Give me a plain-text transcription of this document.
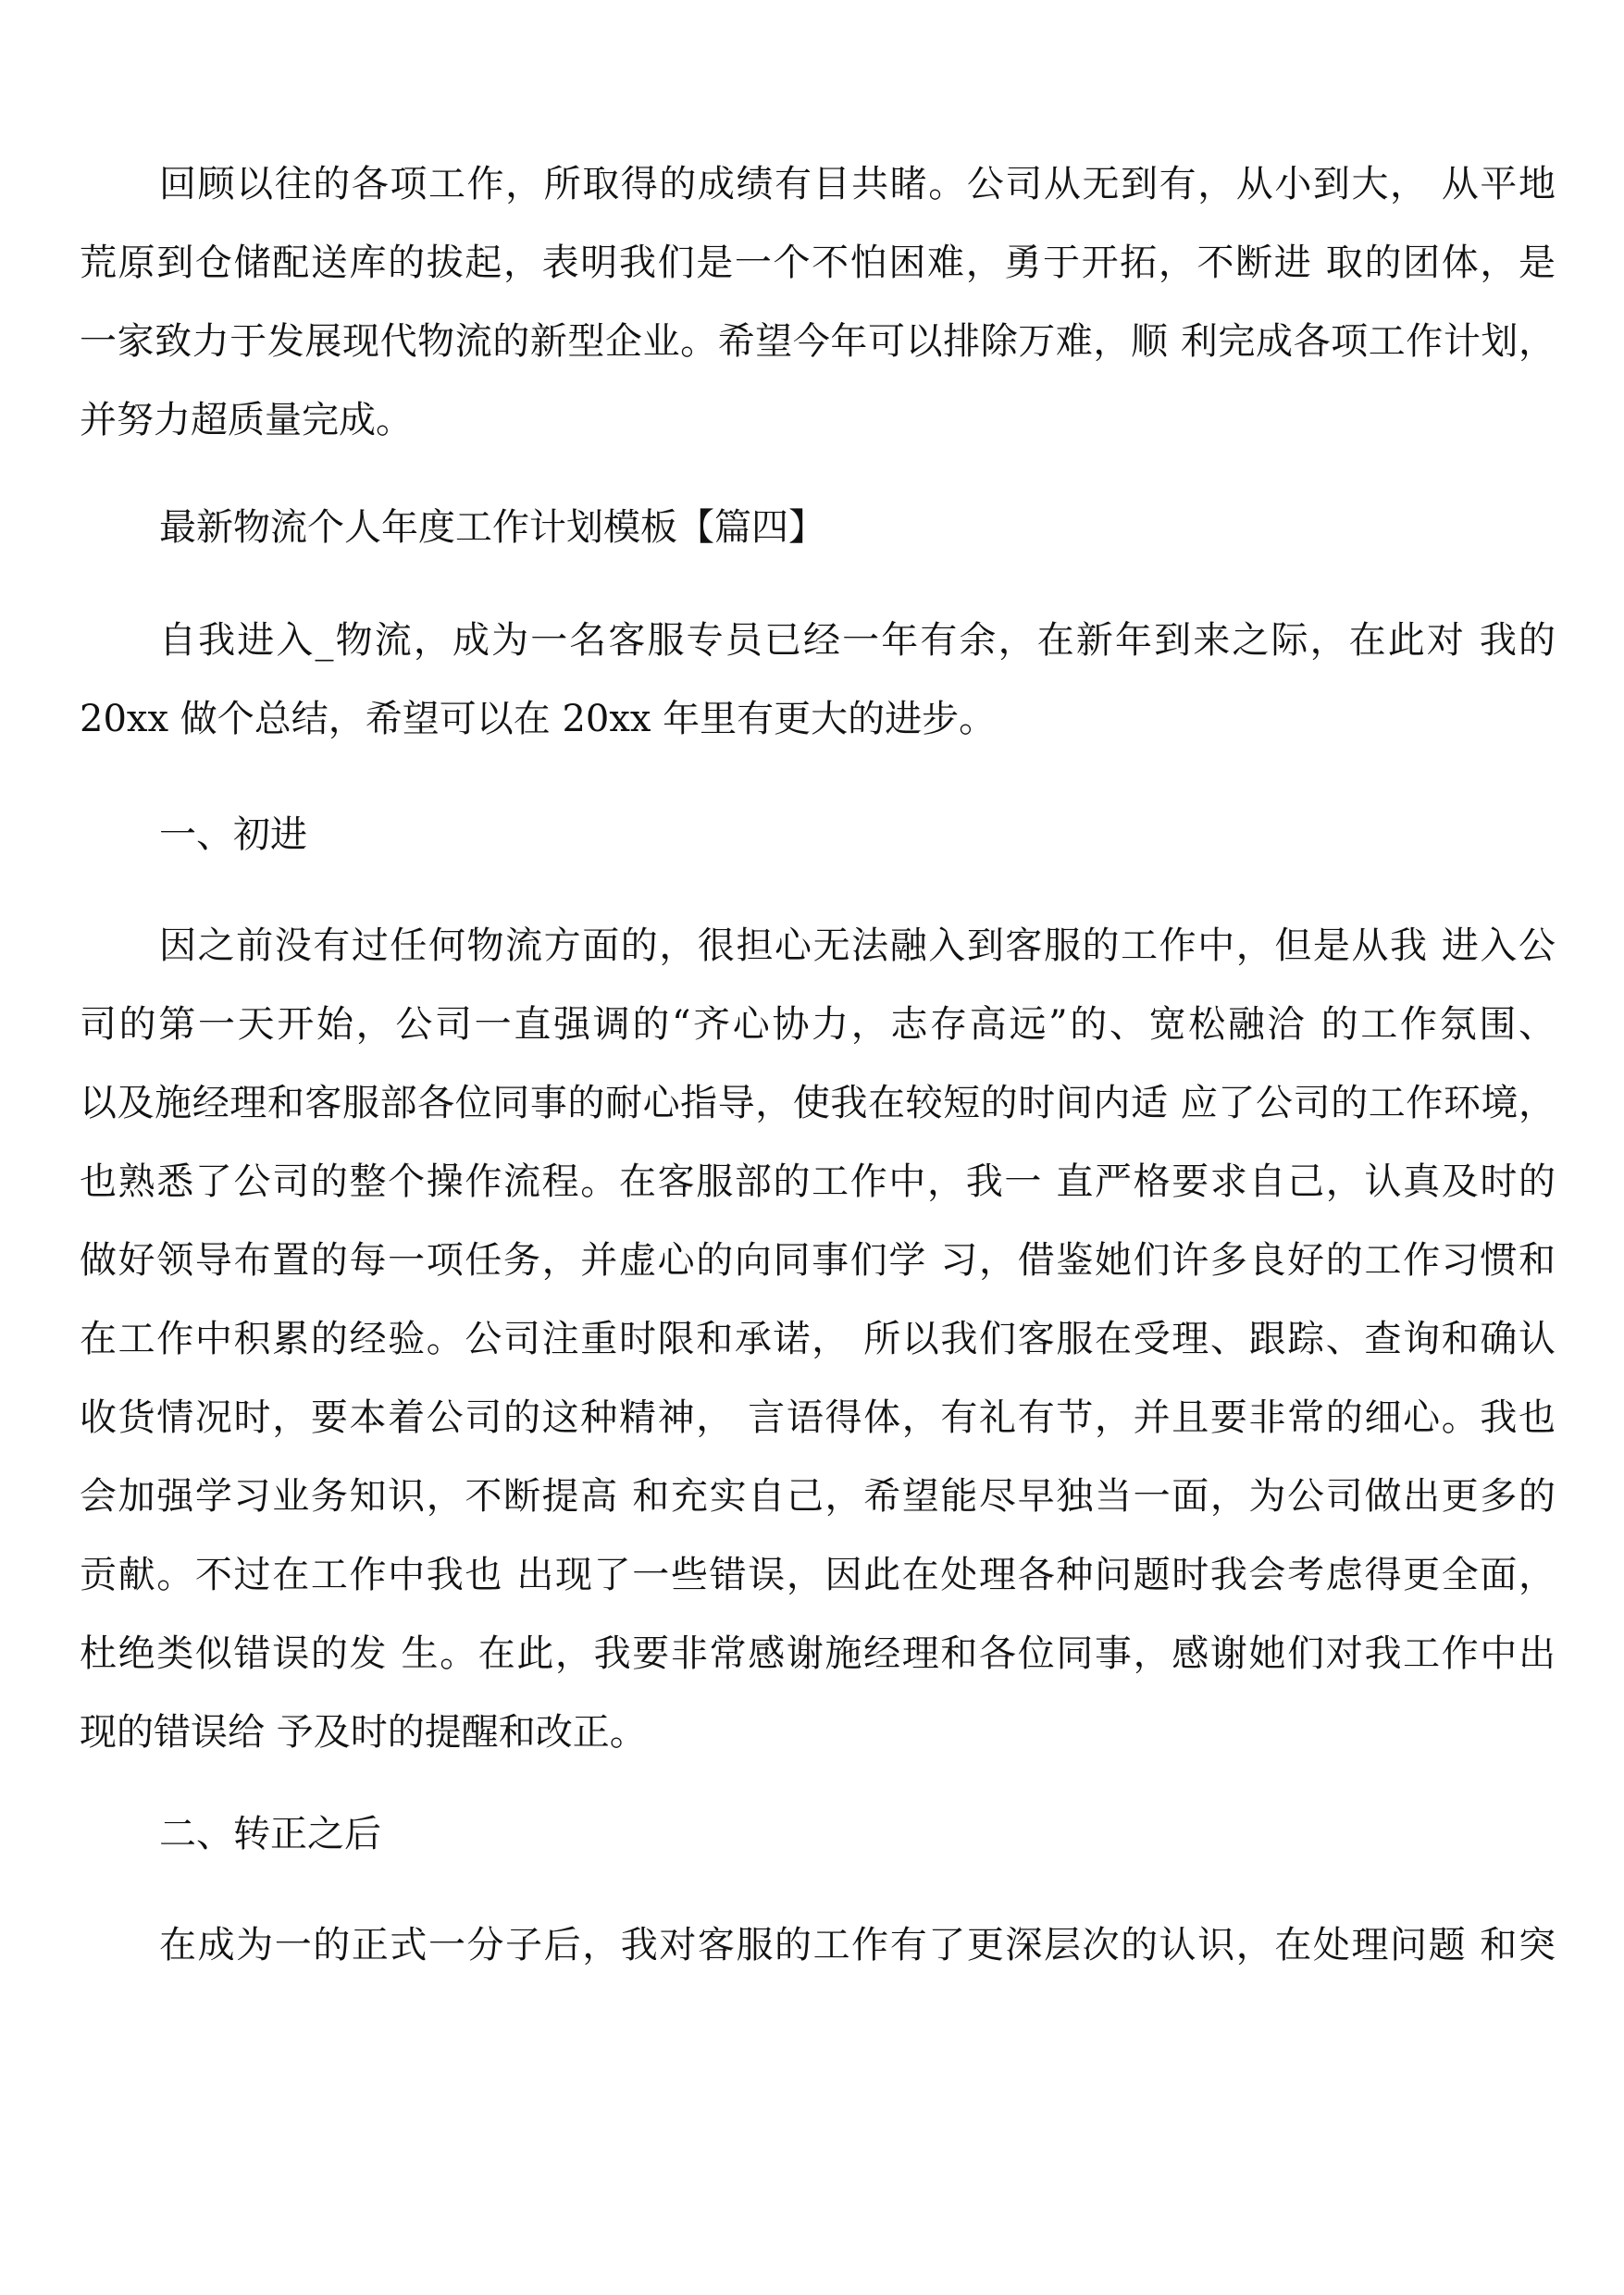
回顾以往的各项工作，所取得的成绩有目共睹。公司从无到有，从小到大， 从平地
荒原到仓储配送库的拔起，表明我们是一个不怕困难，勇于开拓，不断进 取的团体，是
一家致力于发展现代物流的新型企业。希望今年可以排除万难，顺 利完成各项工作计划，
并努力超质量完成。
最新物流个人年度工作计划模板【篇四】
自我进入_物流，成为一名客服专员已经一年有余，在新年到来之际，在此对 我的
20xx 做个总结，希望可以在 20xx 年里有更大的进步。
一、初进
因之前没有过任何物流方面的，很担心无法融入到客服的工作中，但是从我 进入公
司的第一天开始，公司一直强调的“齐心协力，志存高远”的、宽松融洽 的工作氛围、
以及施经理和客服部各位同事的耐心指导，使我在较短的时间内适 应了公司的工作环境，
也熟悉了公司的整个操作流程。在客服部的工作中，我一 直严格要求自己，认真及时的
做好领导布置的每一项任务，并虚心的向同事们学 习，借鉴她们许多良好的工作习惯和
在工作中积累的经验。公司注重时限和承诺， 所以我们客服在受理、跟踪、查询和确认
收货情况时，要本着公司的这种精神， 言语得体，有礼有节，并且要非常的细心。我也
会加强学习业务知识，不断提高 和充实自己，希望能尽早独当一面，为公司做出更多的
贡献。不过在工作中我也 出现了一些错误，因此在处理各种问题时我会考虑得更全面，
杜绝类似错误的发 生。在此，我要非常感谢施经理和各位同事，感谢她们对我工作中出
现的错误给 予及时的提醒和改正。
二、转正之后
在成为一的正式一分子后，我对客服的工作有了更深层次的认识，在处理问题 和突
